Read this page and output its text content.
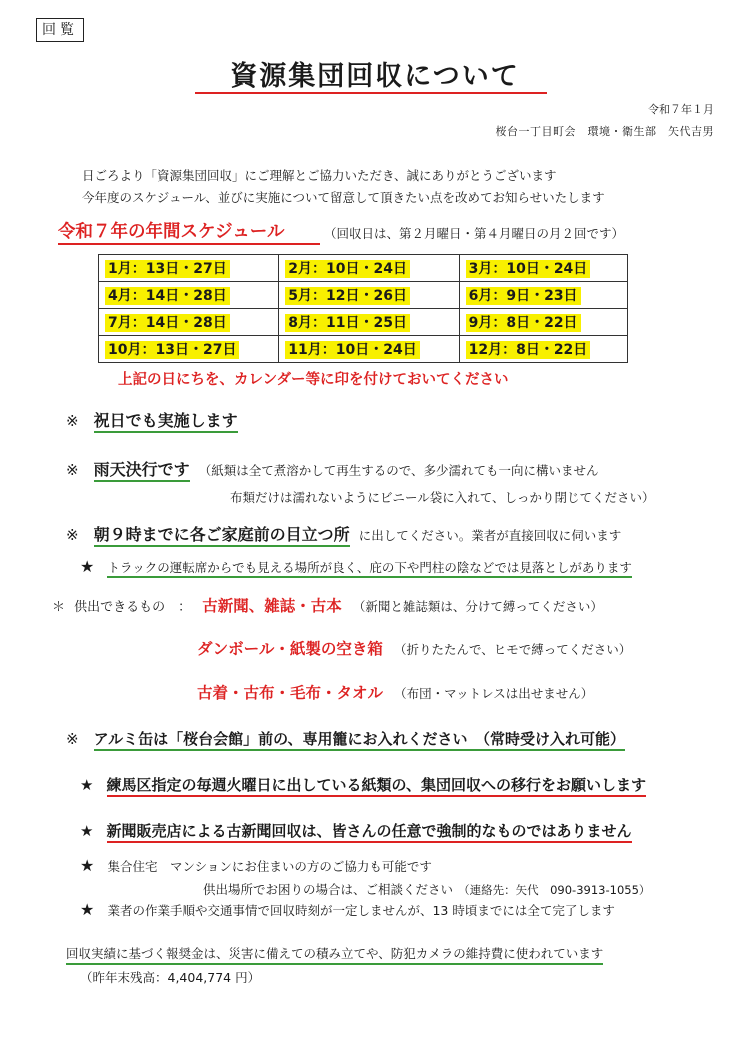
回覧
資源集団回収について
令和７年１月
桜台一丁目町会　環境・衛生部　矢代吉男
日ごろより「資源集団回収」にご理解とご協力いただき、誠にありがとうございます
今年度のスケジュール、並びに実施について留意して頂きたい点を改めてお知らせいたします
令和７年の年間スケジュール	（回収日は、第２月曜日・第４月曜日の月２回です）
1月：13日・27日	2月：10日・24日	3月：10日・24日
4月：14日・28日	5月：12日・26日	6月：9日・23日
7月：14日・28日	8月：11日・25日	9月：8日・22日
10月：13日・27日	11月：10日・24日	12月：8日・22日
上記の日にちを、カレンダー等に印を付けておいてください
※ 祝日でも実施します
※ 雨天決行です （紙類は全て煮溶かして再生するので、多少濡れても一向に構いません
布類だけは濡れないようにビニール袋に入れて、しっかり閉じてください）
※ 朝９時までに各ご家庭前の目立つ所 に出してください。業者が直接回収に伺います
★ トラックの運転席からでも見える場所が良く、庇の下や門柱の陰などでは見落としがあります
＊ 供出できるもの　： 古新聞、雑誌・古本 （新聞と雑誌類は、分けて縛ってください）
ダンボール・紙製の空き箱 （折りたたんで、ヒモで縛ってください）
古着・古布・毛布・タオル （布団・マットレスは出せません）
※ アルミ缶は「桜台会館」前の、専用籠にお入れください　（常時受け入れ可能）
★ 練馬区指定の毎週火曜日に出している紙類の、集団回収への移行をお願いします
★ 新聞販売店による古新聞回収は、皆さんの任意で強制的なものではありません
★ 集合住宅　マンションにお住まいの方のご協力も可能です
供出場所でお困りの場合は、ご相談ください （連絡先：矢代　090-3913-1055）
★ 業者の作業手順や交通事情で回収時刻が一定しませんが、13 時頃までには全て完了します
回収実績に基づく報奨金は、災害に備えての積み立てや、防犯カメラの維持費に使われています
（昨年末残高：4,404,774 円）
